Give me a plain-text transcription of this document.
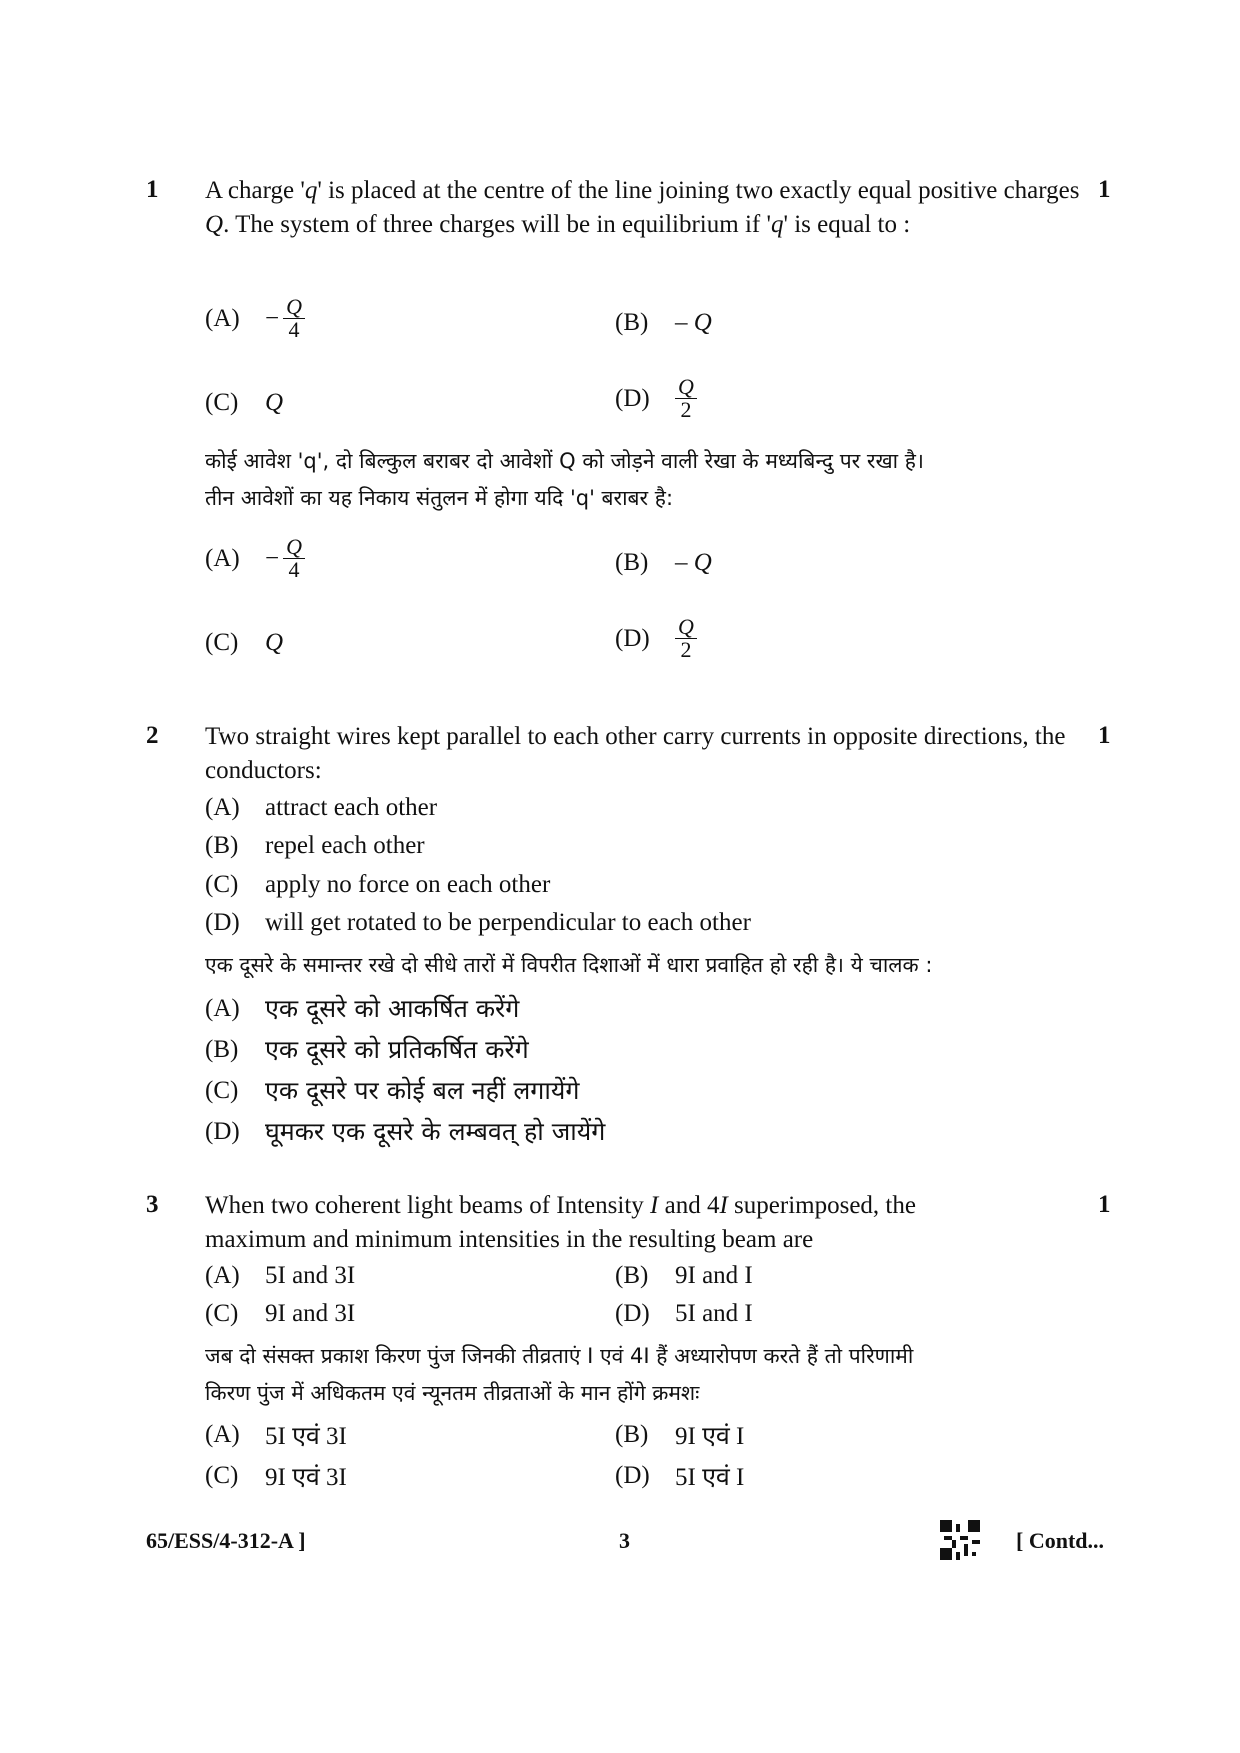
1	1
A charge 'q' is placed at the centre of the line joining two exactly equal positive charges Q. The system of three charges will be in equilibrium if 'q' is equal to :
(A)	− $\frac{Q}{4}$	(B)	– Q
(C)	Q	(D)	$\frac{Q}{2}$
कोई आवेश 'q', दो बिल्कुल बराबर दो आवेशों Q को जोड़ने वाली रेखा के मध्यबिन्दु पर रखा है।
तीन आवेशों का यह निकाय संतुलन में होगा यदि 'q' बराबर है:
(A)	− $\frac{Q}{4}$	(B)	– Q
(C)	Q	(D)	$\frac{Q}{2}$
2	1
Two straight wires kept parallel to each other carry currents in opposite directions, the conductors:
(A)	attract each other
(B)	repel each other
(C)	apply no force on each other
(D)	will get rotated to be perpendicular to each other
एक दूसरे के समान्तर रखे दो सीधे तारों में विपरीत दिशाओं में धारा प्रवाहित हो रही है। ये चालक :
(A)	एक दूसरे को आकर्षित करेंगे
(B)	एक दूसरे को प्रतिकर्षित करेंगे
(C)	एक दूसरे पर कोई बल नहीं लगायेंगे
(D)	घूमकर एक दूसरे के लम्बवत् हो जायेंगे
3	1
When two coherent light beams of Intensity I and 4I superimposed, the maximum and minimum intensities in the resulting beam are
(A)	5I and 3I	(B)	9I and I
(C)	9I and 3I	(D)	5I and I
जब दो संसक्त प्रकाश किरण पुंज जिनकी तीव्रताएं I एवं 4I हैं अध्यारोपण करते हैं तो परिणामी
किरण पुंज में अधिकतम एवं न्यूनतम तीव्रताओं के मान होंगे क्रमशः
(A)	5I एवं 3I	(B)	9I एवं I
(C)	9I एवं 3I	(D)	5I एवं I
65/ESS/4-312-A ]	3	[ Contd...
